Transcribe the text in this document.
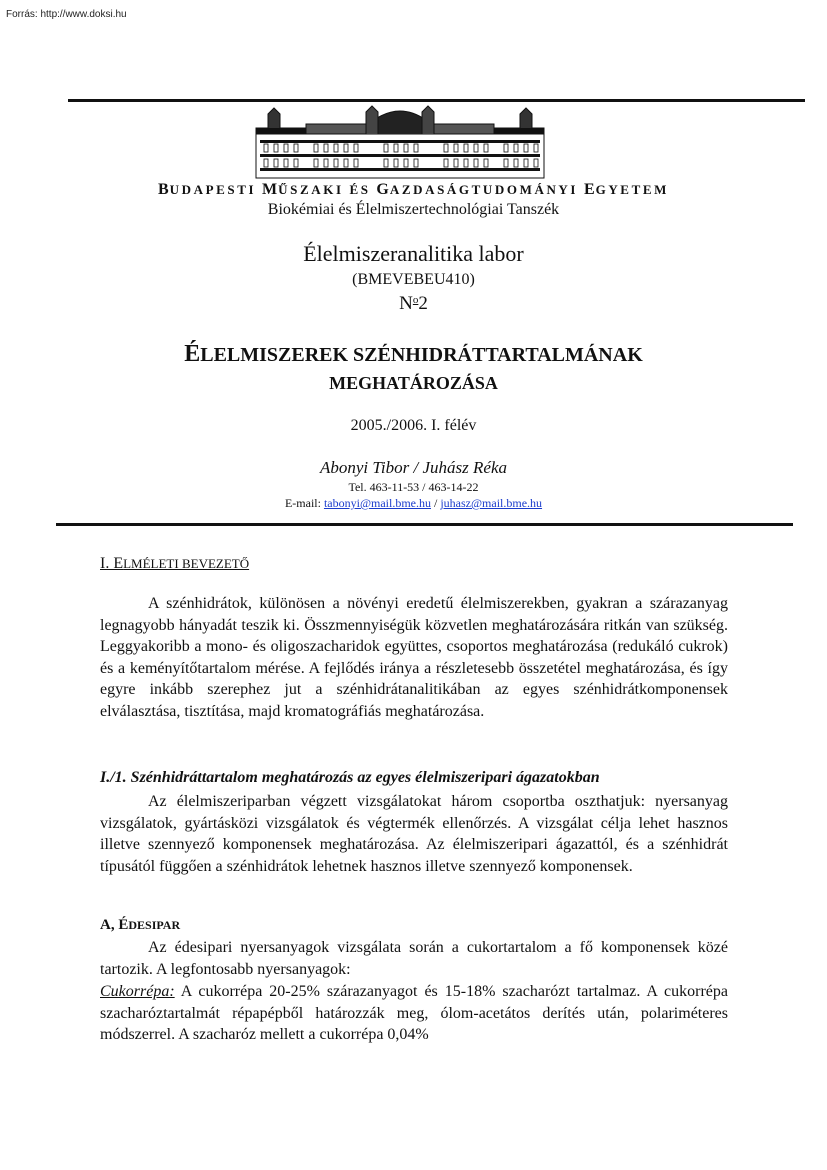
Forrás: http://www.doksi.hu
BUDAPESTI MŰSZAKI ÉS GAZDASÁGTUDOMÁNYI EGYETEM
Biokémiai és Élelmiszertechnológiai Tanszék
Élelmiszeranalitika labor
(BMEVEBEU410)
$N^o2$
ÉLELMISZEREK SZÉNHIDRÁTTARTALMÁNAK
MEGHATÁROZÁSA
2005./2006. I. félév
Abonyi Tibor / Juhász Réka
Tel. 463-11-53 / 463-14-22
E-mail: tabonyi@mail.bme.hu / juhasz@mail.bme.hu
I. ELMÉLETI BEVEZETŐ
A szénhidrátok, különösen a növényi eredetű élelmiszerekben, gyakran a szárazanyag legnagyobb hányadát teszik ki. Összmennyiségük közvetlen meghatározására ritkán van szükség. Leggyakoribb a mono- és oligoszacharidok együttes, csoportos meghatározása (redukáló cukrok) és a keményítőtartalom mérése. A fejlődés iránya a részletesebb összetétel meghatározása, és így egyre inkább szerephez jut a szénhidrátanalitikában az egyes szénhidrátkomponensek elválasztása, tisztítása, majd kromatográfiás meghatározása.
I./1. Szénhidráttartalom meghatározás az egyes élelmiszeripari ágazatokban
Az élelmiszeriparban végzett vizsgálatokat három csoportba oszthatjuk: nyersanyag vizsgálatok, gyártásközi vizsgálatok és végtermék ellenőrzés. A vizsgálat célja lehet hasznos illetve szennyező komponensek meghatározása. Az élelmiszeripari ágazattól, és a szénhidrát típusától függően a szénhidrátok lehetnek hasznos illetve szennyező komponensek.
A, ÉDESIPAR
Az édesipari nyersanyagok vizsgálata során a cukortartalom a fő komponensek közé tartozik. A legfontosabb nyersanyagok:
Cukorrépa: A cukorrépa 20-25% szárazanyagot és 15-18% szacharózt tartalmaz. A cukorrépa szacharóztartalmát répapépből határozzák meg, ólom-acetátos derítés után, polariméteres módszerrel. A szacharóz mellett a cukorrépa 0,04%
